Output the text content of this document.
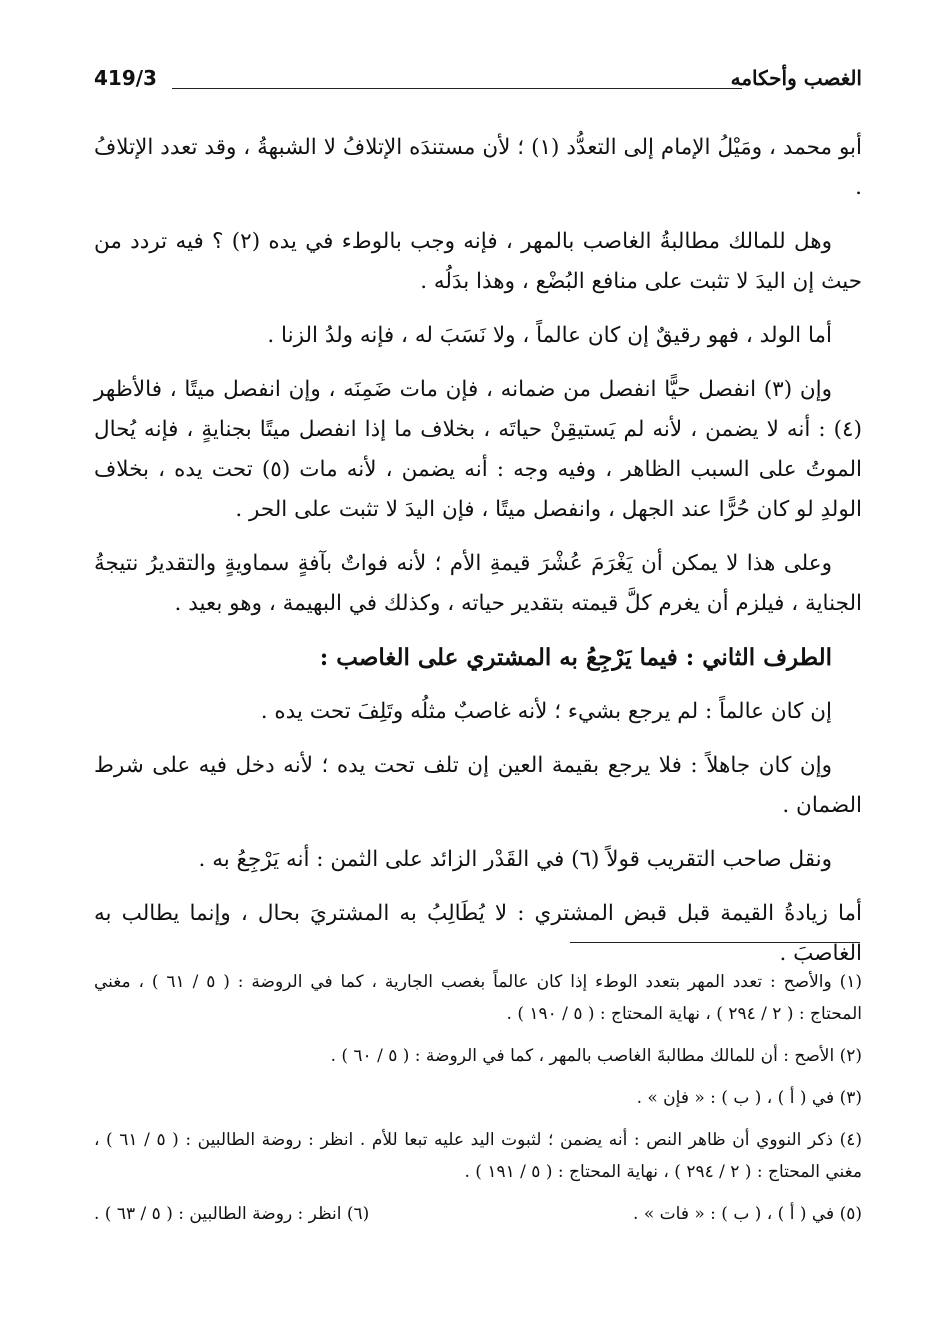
الغصب وأحكامه
419/3

أبو محمد ، ومَيْلُ الإمام إلى التعدُّد (١) ؛ لأن مستندَه الإتلافُ لا الشبهةُ ، وقد تعدد الإتلافُ .

وهل للمالك مطالبةُ الغاصب بالمهر ، فإنه وجب بالوطء في يده (٢) ؟ فيه تردد من حيث إن اليدَ لا تثبت على منافع البُضْع ، وهذا بدَلُه .

أما الولد ، فهو رقيقٌ إن كان عالماً ، ولا نَسَبَ له ، فإنه ولدُ الزنا .

وإن (٣) انفصل حيًّا انفصل من ضمانه ، فإن مات ضَمِنَه ، وإن انفصل ميتًا ، فالأظهر (٤) : أنه لا يضمن ، لأنه لم يَستيقِنْ حياتَه ، بخلاف ما إذا انفصل ميتًا بجنايةٍ ، فإنه يُحال الموتُ على السبب الظاهر ، وفيه وجه : أنه يضمن ، لأنه مات (٥) تحت يده ، بخلاف الولدِ لو كان حُرًّا عند الجهل ، وانفصل ميتًا ، فإن اليدَ لا تثبت على الحر .

وعلى هذا لا يمكن أن يَغْرَمَ عُشْرَ قيمةِ الأم ؛ لأنه فواتٌ بآفةٍ سماويةٍ والتقديرُ نتيجةُ الجناية ، فيلزم أن يغرم كلَّ قيمته بتقدير حياته ، وكذلك في البهيمة ، وهو بعيد .

الطرف الثاني : فيما يَرْجِعُ به المشتري على الغاصب :

إن كان عالماً : لم يرجع بشيء ؛ لأنه غاصبٌ مثلُه وتَلِفَ تحت يده .

وإن كان جاهلاً : فلا يرجع بقيمة العين إن تلف تحت يده ؛ لأنه دخل فيه على شرط الضمان .

ونقل صاحب التقريب قولاً (٦) في القَدْر الزائد على الثمن : أنه يَرْجِعُ به .

أما زيادةُ القيمة قبل قبض المشتري : لا يُطَالِبُ به المشتريَ بحال ، وإنما يطالب به الغاصبَ .

(١) والأصح : تعدد المهر بتعدد الوطء إذا كان عالماً بغصب الجارية ، كما في الروضة : ( ٥ / ٦١ ) ، مغني المحتاج : ( ٢ / ٢٩٤ ) ، نهاية المحتاج : ( ٥ / ١٩٠ ) .

(٢) الأصح : أن للمالك مطالبةَ الغاصب بالمهر ، كما في الروضة : ( ٥ / ٦٠ ) .

(٣) في ( أ ) ، ( ب ) : « فإن » .

(٤) ذكر النووي أن ظاهر النص : أنه يضمن ؛ لثبوت اليد عليه تبعا للأم . انظر : روضة الطالبين : ( ٥ / ٦١ ) ، مغني المحتاج : ( ٢ / ٢٩٤ ) ، نهاية المحتاج : ( ٥ / ١٩١ ) .

(٥) في ( أ ) ، ( ب ) : « فات » .
(٦) انظر : روضة الطالبين : ( ٥ / ٦٣ ) .
